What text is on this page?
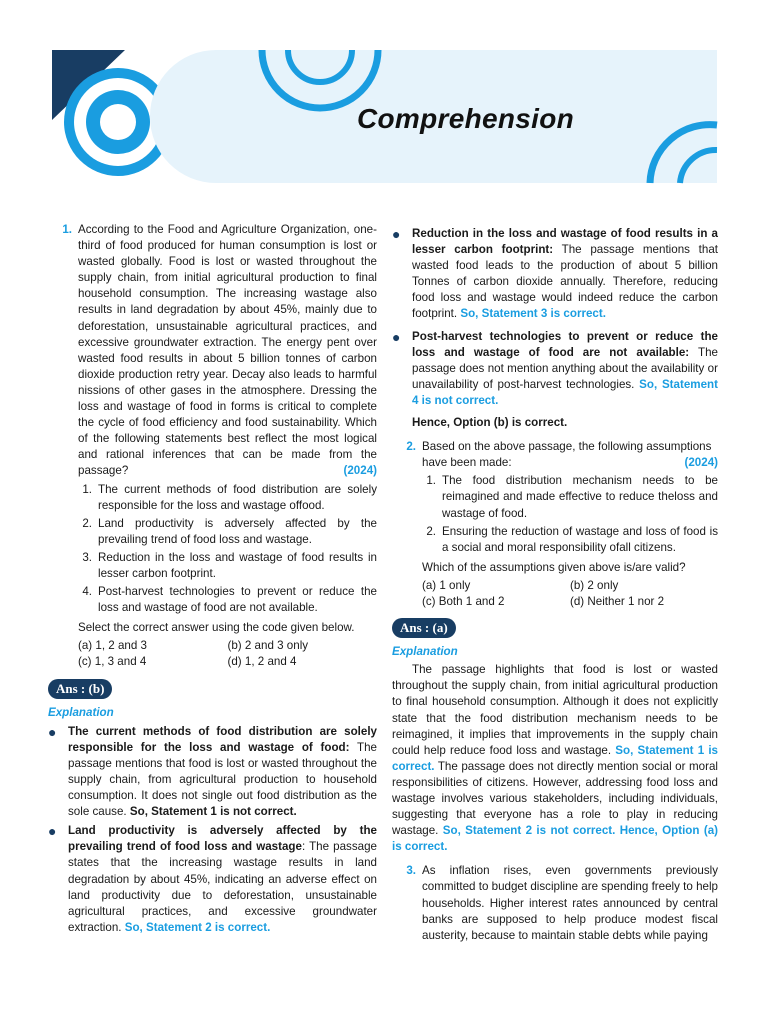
Comprehension
1. According to the Food and Agriculture Organization, one-third of food produced for human consumption is lost or wasted globally. Food is lost or wasted throughout the supply chain, from initial agricultural production to final household consumption. The increasing wastage also results in land degradation by about 45%, mainly due to deforestation, unsustainable agricultural practices, and excessive groundwater extraction. The energy pent over wasted food results in about 5 billion tonnes of carbon dioxide production retry year. Decay also leads to harmful nissions of other gases in the atmosphere. Dressing the loss and wastage of food in forms is critical to complete the cycle of food efficiency and food sustainability. Which of the following statements best reflect the most logical and rational inferences that can be made from the passage?	(2024)

1. The current methods of food distribution are solely responsible for the loss and wastage offood.
2. Land productivity is adversely affected by the prevailing trend of food loss and wastage.
3. Reduction in the loss and wastage of food results in lesser carbon footprint.
4. Post-harvest technologies to prevent or reduce the loss and wastage of food are not available.

Select the correct answer using the code given below.

(a) 1, 2 and 3	(b) 2 and 3 only
(c) 1, 3 and 4	(d) 1, 2 and 4
Ans : (b)
Explanation
● The current methods of food distribution are solely responsible for the loss and wastage of food: The passage mentions that food is lost or wasted throughout the supply chain, from agricultural production to household consumption. It does not single out food distribution as the sole cause. So, Statement 1 is not correct.
● Land productivity is adversely affected by the prevailing trend of food loss and wastage: The passage states that the increasing wastage results in land degradation by about 45%, indicating an adverse effect on land productivity due to deforestation, unsustainable agricultural practices, and excessive groundwater extraction. So, Statement 2 is correct.
● Reduction in the loss and wastage of food results in a lesser carbon footprint: The passage mentions that wasted food leads to the production of about 5 billion Tonnes of carbon dioxide annually. Therefore, reducing food loss and wastage would indeed reduce the carbon footprint. So, Statement 3 is correct.
● Post-harvest technologies to prevent or reduce the loss and wastage of food are not available: The passage does not mention anything about the availability or unavailability of post-harvest technologies. So, Statement 4 is not correct.

Hence, Option (b) is correct.

2. Based on the above passage, the following assumptions have been made:	(2024)

1. The food distribution mechanism needs to be reimagined and made effective to reduce theloss and wastage of food.
2. Ensuring the reduction of wastage and loss of food is a social and moral responsibility ofall citizens.

Which of the assumptions given above is/are valid?

(a) 1 only	(b) 2 only
(c) Both 1 and 2	(d) Neither 1 nor 2
Ans : (a)
Explanation

The passage highlights that food is lost or wasted throughout the supply chain, from initial agricultural production to final household consumption. Although it does not explicitly state that the food distribution mechanism needs to be reimagined, it implies that improvements in the supply chain could help reduce food loss and wastage. So, Statement 1 is correct. The passage does not directly mention social or moral responsibilities of citizens. However, addressing food loss and wastage involves various stakeholders, including individuals, suggesting that everyone has a role to play in reducing wastage. So, Statement 2 is not correct. Hence, Option (a) is correct.

3. As inflation rises, even governments previously committed to budget discipline are spending freely to help households. Higher interest rates announced by central banks are supposed to help produce modest fiscal austerity, because to maintain stable debts while paying
